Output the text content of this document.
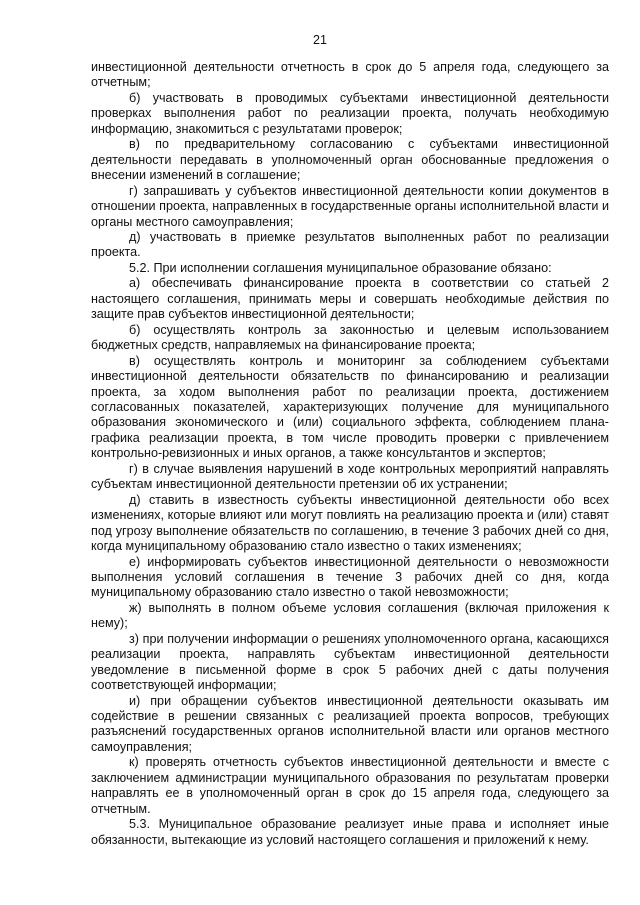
21

инвестиционной деятельности отчетность в срок до 5 апреля года, следующего за отчетным;

б) участвовать в проводимых субъектами инвестиционной деятельности проверках выполнения работ по реализации проекта, получать необходимую информацию, знакомиться с результатами проверок;

в) по предварительному согласованию с субъектами инвестиционной деятельности передавать в уполномоченный орган обоснованные предложения о внесении изменений в соглашение;

г) запрашивать у субъектов инвестиционной деятельности копии документов в отношении проекта, направленных в государственные органы исполнительной власти и органы местного самоуправления;

д) участвовать в приемке результатов выполненных работ по реализации проекта.

5.2. При исполнении соглашения муниципальное образование обязано:

а) обеспечивать финансирование проекта в соответствии со статьей 2 настоящего соглашения, принимать меры и совершать необходимые действия по защите прав субъектов инвестиционной деятельности;

б) осуществлять контроль за законностью и целевым использованием бюджетных средств, направляемых на финансирование проекта;

в) осуществлять контроль и мониторинг за соблюдением субъектами инвестиционной деятельности обязательств по финансированию и реализации проекта, за ходом выполнения работ по реализации проекта, достижением согласованных показателей, характеризующих получение для муниципального образования экономического и (или) социального эффекта, соблюдением плана-графика реализации проекта, в том числе проводить проверки с привлечением контрольно-ревизионных и иных органов, а также консультантов и экспертов;

г) в случае выявления нарушений в ходе контрольных мероприятий направлять субъектам инвестиционной деятельности претензии об их устранении;

д) ставить в известность субъекты инвестиционной деятельности обо всех изменениях, которые влияют или могут повлиять на реализацию проекта и (или) ставят под угрозу выполнение обязательств по соглашению, в течение 3 рабочих дней со дня, когда муниципальному образованию стало известно о таких изменениях;

е) информировать субъектов инвестиционной деятельности о невозможности выполнения условий соглашения в течение 3 рабочих дней со дня, когда муниципальному образованию стало известно о такой невозможности;

ж) выполнять в полном объеме условия соглашения (включая приложения к нему);

з) при получении информации о решениях уполномоченного органа, касающихся реализации проекта, направлять субъектам инвестиционной деятельности уведомление в письменной форме в срок 5 рабочих дней с даты получения соответствующей информации;

и) при обращении субъектов инвестиционной деятельности оказывать им содействие в решении связанных с реализацией проекта вопросов, требующих разъяснений государственных органов исполнительной власти или органов местного самоуправления;

к) проверять отчетность субъектов инвестиционной деятельности и вместе с заключением администрации муниципального образования по результатам проверки направлять ее в уполномоченный орган в срок до 15 апреля года, следующего за отчетным.

5.3. Муниципальное образование реализует иные права и исполняет иные обязанности, вытекающие из условий настоящего соглашения и приложений к нему.
